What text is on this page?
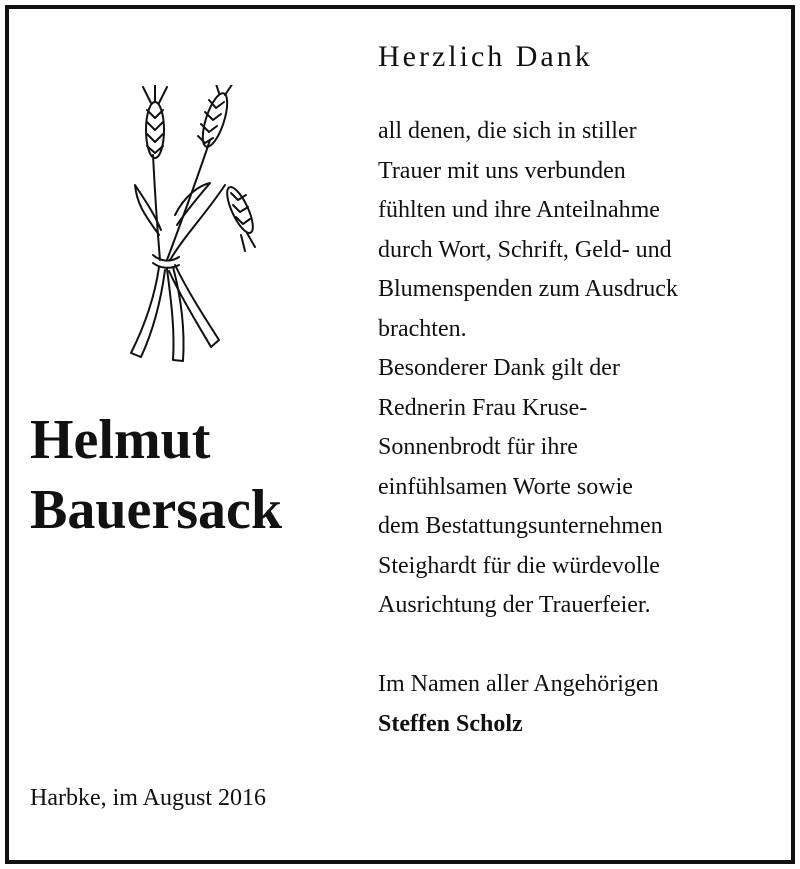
Herzlich Dank
all denen, die sich in stiller
Trauer mit uns verbunden
fühlten und ihre Anteilnahme
durch Wort, Schrift, Geld- und
Blumenspenden zum Ausdruck
brachten.
Besonderer Dank gilt der
Rednerin Frau Kruse-
Sonnenbrodt für ihre
einfühlsamen Worte sowie
dem Bestattungsunternehmen
Steighardt für die würdevolle
Ausrichtung der Trauerfeier.
Im Namen aller Angehörigen
Steffen Scholz
Helmut
Bauersack
Harbke, im August 2016
